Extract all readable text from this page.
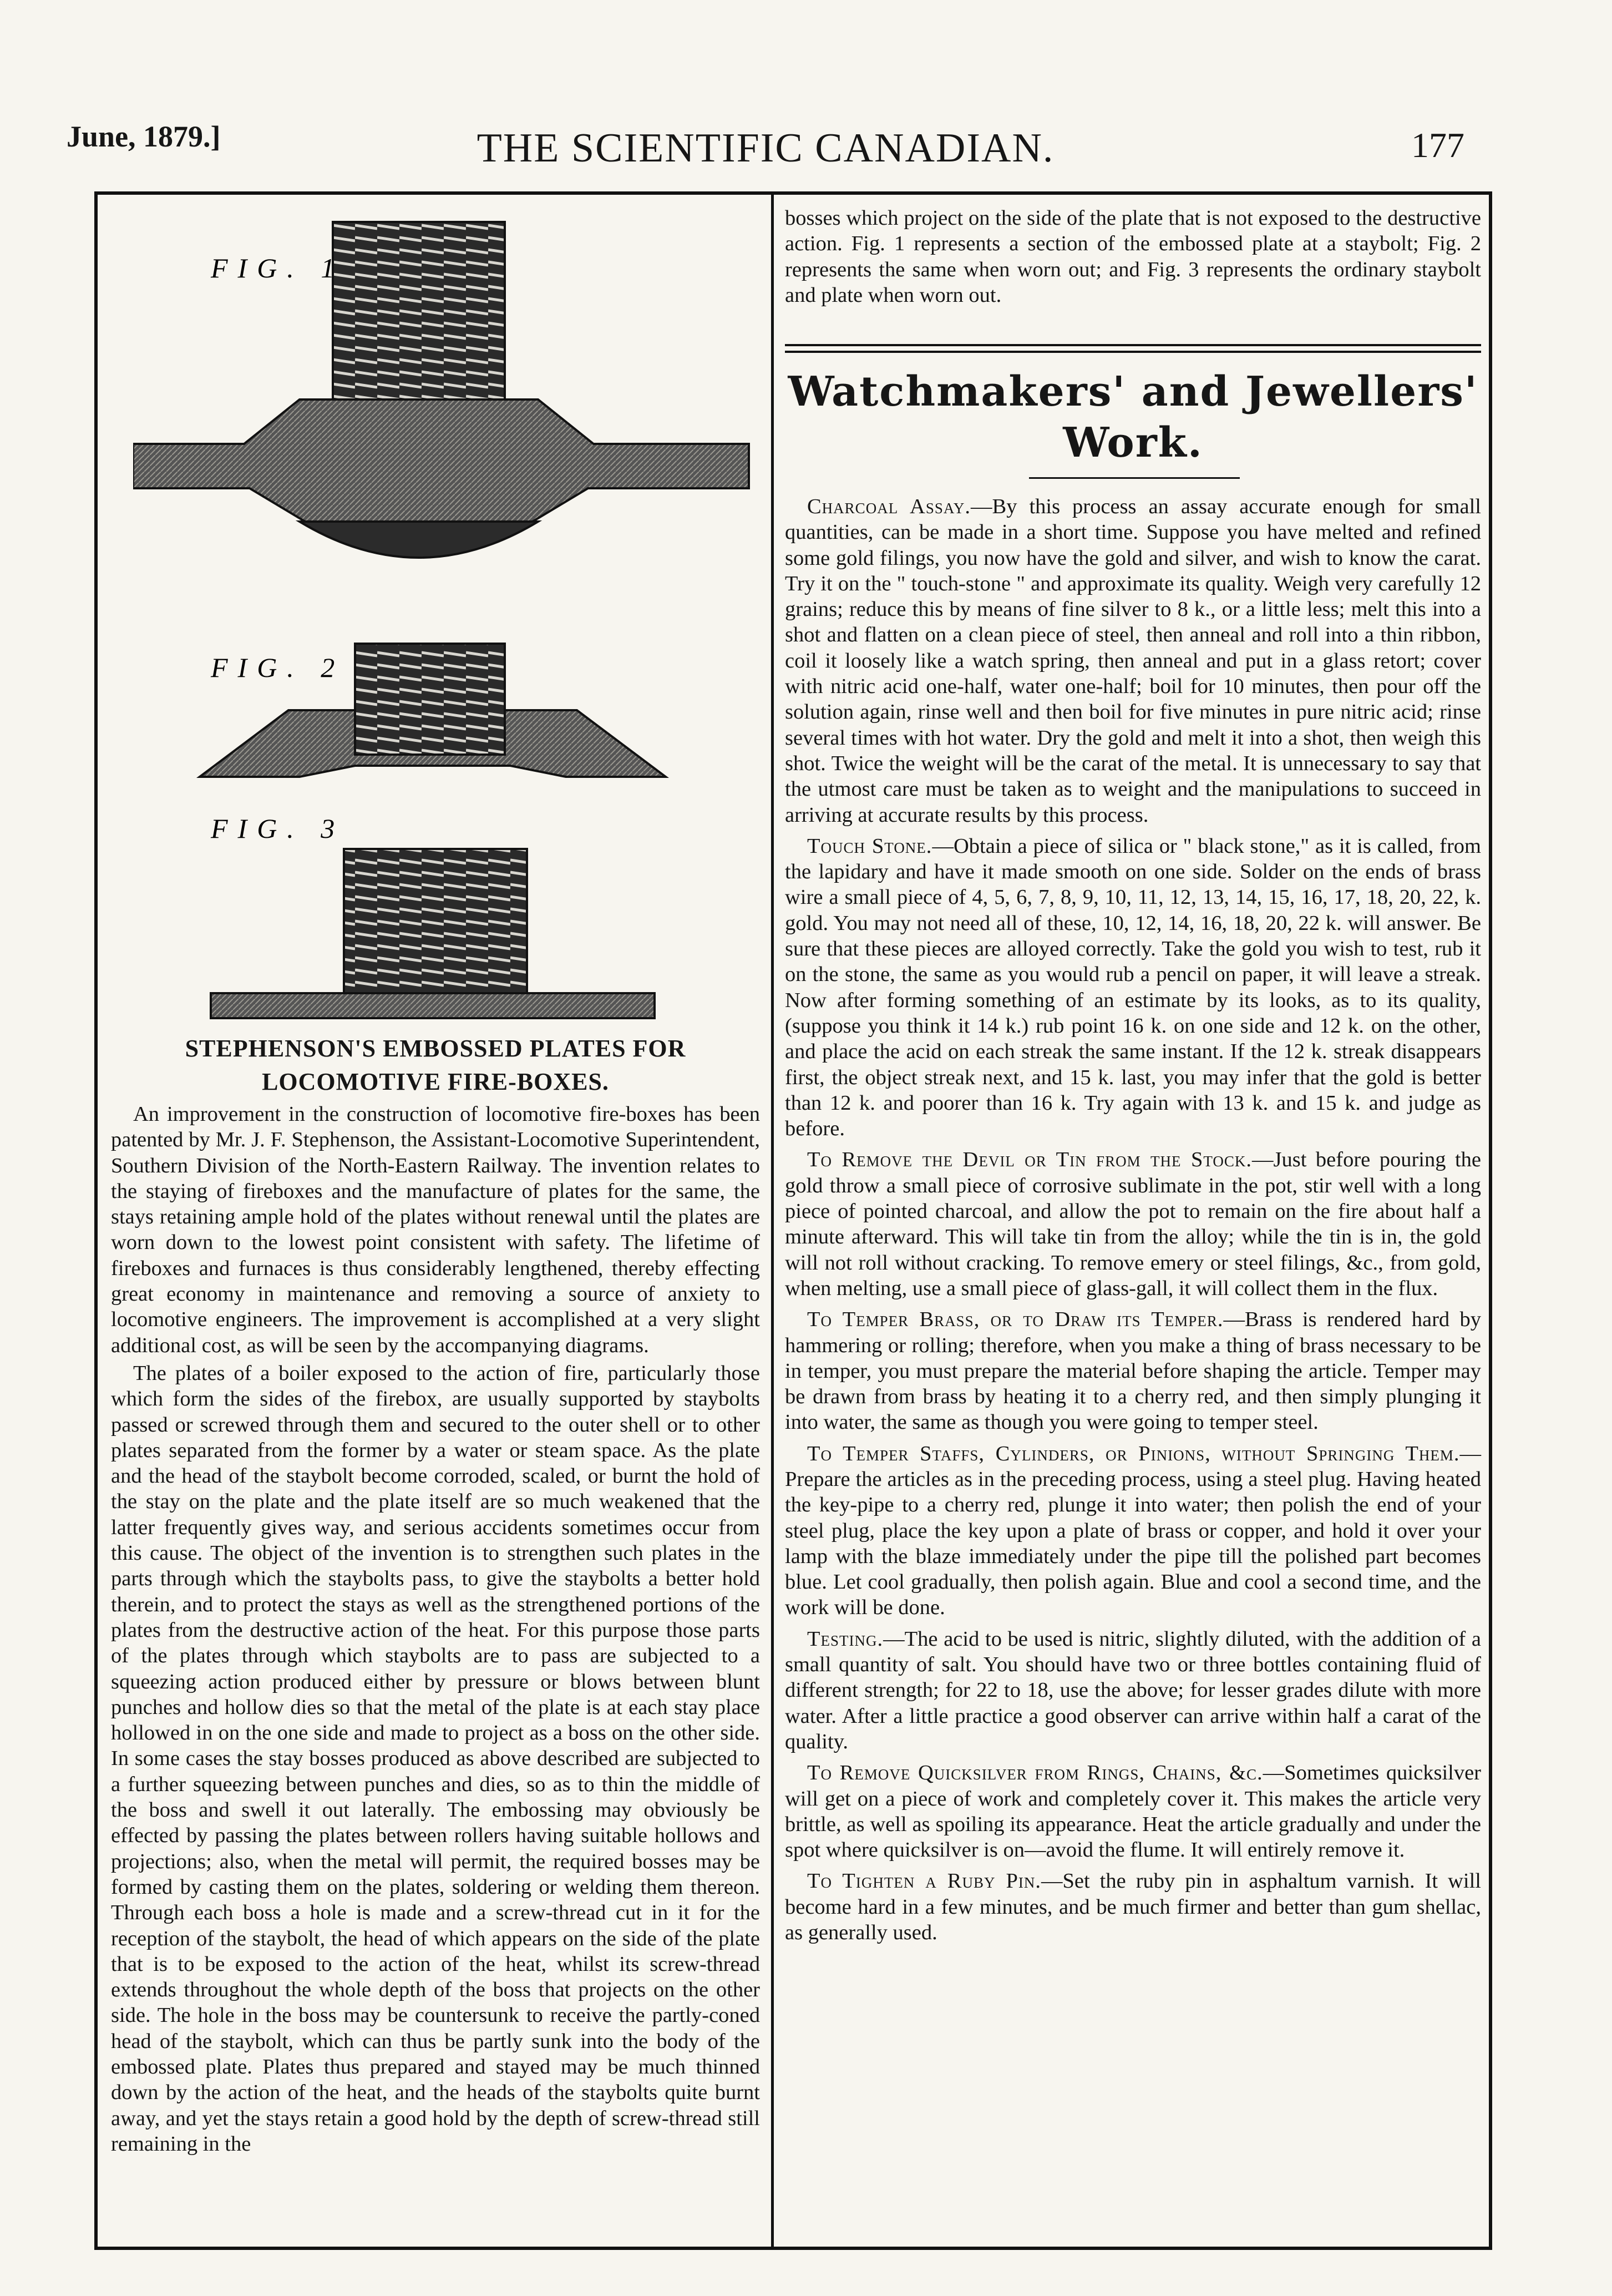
June, 1879.]	THE SCIENTIFIC CANADIAN.	177
FIG. 1
FIG. 2
FIG. 3
STEPHENSON'S EMBOSSED PLATES FOR LOCOMOTIVE FIRE-BOXES.

An improvement in the construction of locomotive fire-boxes has been patented by Mr. J. F. Stephenson, the Assistant-Locomotive Superintendent, Southern Division of the North-Eastern Railway. The invention relates to the staying of fireboxes and the manufacture of plates for the same, the stays retaining ample hold of the plates without renewal until the plates are worn down to the lowest point consistent with safety. The lifetime of fireboxes and furnaces is thus considerably lengthened, thereby effecting great economy in maintenance and removing a source of anxiety to locomotive engineers. The improvement is accomplished at a very slight additional cost, as will be seen by the accompanying diagrams.

The plates of a boiler exposed to the action of fire, particularly those which form the sides of the firebox, are usually supported by staybolts passed or screwed through them and secured to the outer shell or to other plates separated from the former by a water or steam space. As the plate and the head of the staybolt become corroded, scaled, or burnt the hold of the stay on the plate and the plate itself are so much weakened that the latter frequently gives way, and serious accidents sometimes occur from this cause. The object of the invention is to strengthen such plates in the parts through which the staybolts pass, to give the staybolts a better hold therein, and to protect the stays as well as the strengthened portions of the plates from the destructive action of the heat. For this purpose those parts of the plates through which staybolts are to pass are subjected to a squeezing action produced either by pressure or blows between blunt punches and hollow dies so that the metal of the plate is at each stay place hollowed in on the one side and made to project as a boss on the other side. In some cases the stay bosses produced as above described are subjected to a further squeezing between punches and dies, so as to thin the middle of the boss and swell it out laterally. The embossing may obviously be effected by passing the plates between rollers having suitable hollows and projections; also, when the metal will permit, the required bosses may be formed by casting them on the plates, soldering or welding them thereon. Through each boss a hole is made and a screw-thread cut in it for the reception of the staybolt, the head of which appears on the side of the plate that is to be exposed to the action of the heat, whilst its screw-thread extends throughout the whole depth of the boss that projects on the other side. The hole in the boss may be countersunk to receive the partly-coned head of the staybolt, which can thus be partly sunk into the body of the embossed plate. Plates thus prepared and stayed may be much thinned down by the action of the heat, and the heads of the staybolts quite burnt away, and yet the stays retain a good hold by the depth of screw-thread still remaining in the

bosses which project on the side of the plate that is not exposed to the destructive action. Fig. 1 represents a section of the embossed plate at a staybolt; Fig. 2 represents the same when worn out; and Fig. 3 represents the ordinary staybolt and plate when worn out.

Watchmakers' and Jewellers'
Work.

Charcoal Assay.—By this process an assay accurate enough for small quantities, can be made in a short time. Suppose you have melted and refined some gold filings, you now have the gold and silver, and wish to know the carat. Try it on the " touch-stone " and approximate its quality. Weigh very carefully 12 grains; reduce this by means of fine silver to 8 k., or a little less; melt this into a shot and flatten on a clean piece of steel, then anneal and roll into a thin ribbon, coil it loosely like a watch spring, then anneal and put in a glass retort; cover with nitric acid one-half, water one-half; boil for 10 minutes, then pour off the solution again, rinse well and then boil for five minutes in pure nitric acid; rinse several times with hot water. Dry the gold and melt it into a shot, then weigh this shot. Twice the weight will be the carat of the metal. It is unnecessary to say that the utmost care must be taken as to weight and the manipulations to succeed in arriving at accurate results by this process.

Touch Stone.—Obtain a piece of silica or " black stone," as it is called, from the lapidary and have it made smooth on one side. Solder on the ends of brass wire a small piece of 4, 5, 6, 7, 8, 9, 10, 11, 12, 13, 14, 15, 16, 17, 18, 20, 22, k. gold. You may not need all of these, 10, 12, 14, 16, 18, 20, 22 k. will answer. Be sure that these pieces are alloyed correctly. Take the gold you wish to test, rub it on the stone, the same as you would rub a pencil on paper, it will leave a streak. Now after forming something of an estimate by its looks, as to its quality, (suppose you think it 14 k.) rub point 16 k. on one side and 12 k. on the other, and place the acid on each streak the same instant. If the 12 k. streak disappears first, the object streak next, and 15 k. last, you may infer that the gold is better than 12 k. and poorer than 16 k. Try again with 13 k. and 15 k. and judge as before.

To Remove the Devil or Tin from the Stock.—Just before pouring the gold throw a small piece of corrosive sublimate in the pot, stir well with a long piece of pointed charcoal, and allow the pot to remain on the fire about half a minute afterward. This will take tin from the alloy; while the tin is in, the gold will not roll without cracking. To remove emery or steel filings, &c., from gold, when melting, use a small piece of glass-gall, it will collect them in the flux.

To Temper Brass, or to Draw its Temper.—Brass is rendered hard by hammering or rolling; therefore, when you make a thing of brass necessary to be in temper, you must prepare the material before shaping the article. Temper may be drawn from brass by heating it to a cherry red, and then simply plunging it into water, the same as though you were going to temper steel.

To Temper Staffs, Cylinders, or Pinions, without Springing Them.—Prepare the articles as in the preceding process, using a steel plug. Having heated the key-pipe to a cherry red, plunge it into water; then polish the end of your steel plug, place the key upon a plate of brass or copper, and hold it over your lamp with the blaze immediately under the pipe till the polished part becomes blue. Let cool gradually, then polish again. Blue and cool a second time, and the work will be done.

Testing.—The acid to be used is nitric, slightly diluted, with the addition of a small quantity of salt. You should have two or three bottles containing fluid of different strength; for 22 to 18, use the above; for lesser grades dilute with more water. After a little practice a good observer can arrive within half a carat of the quality.

To Remove Quicksilver from Rings, Chains, &c.—Sometimes quicksilver will get on a piece of work and completely cover it. This makes the article very brittle, as well as spoiling its appearance. Heat the article gradually and under the spot where quicksilver is on—avoid the flume. It will entirely remove it.

To Tighten a Ruby Pin.—Set the ruby pin in asphaltum varnish. It will become hard in a few minutes, and be much firmer and better than gum shellac, as generally used.
